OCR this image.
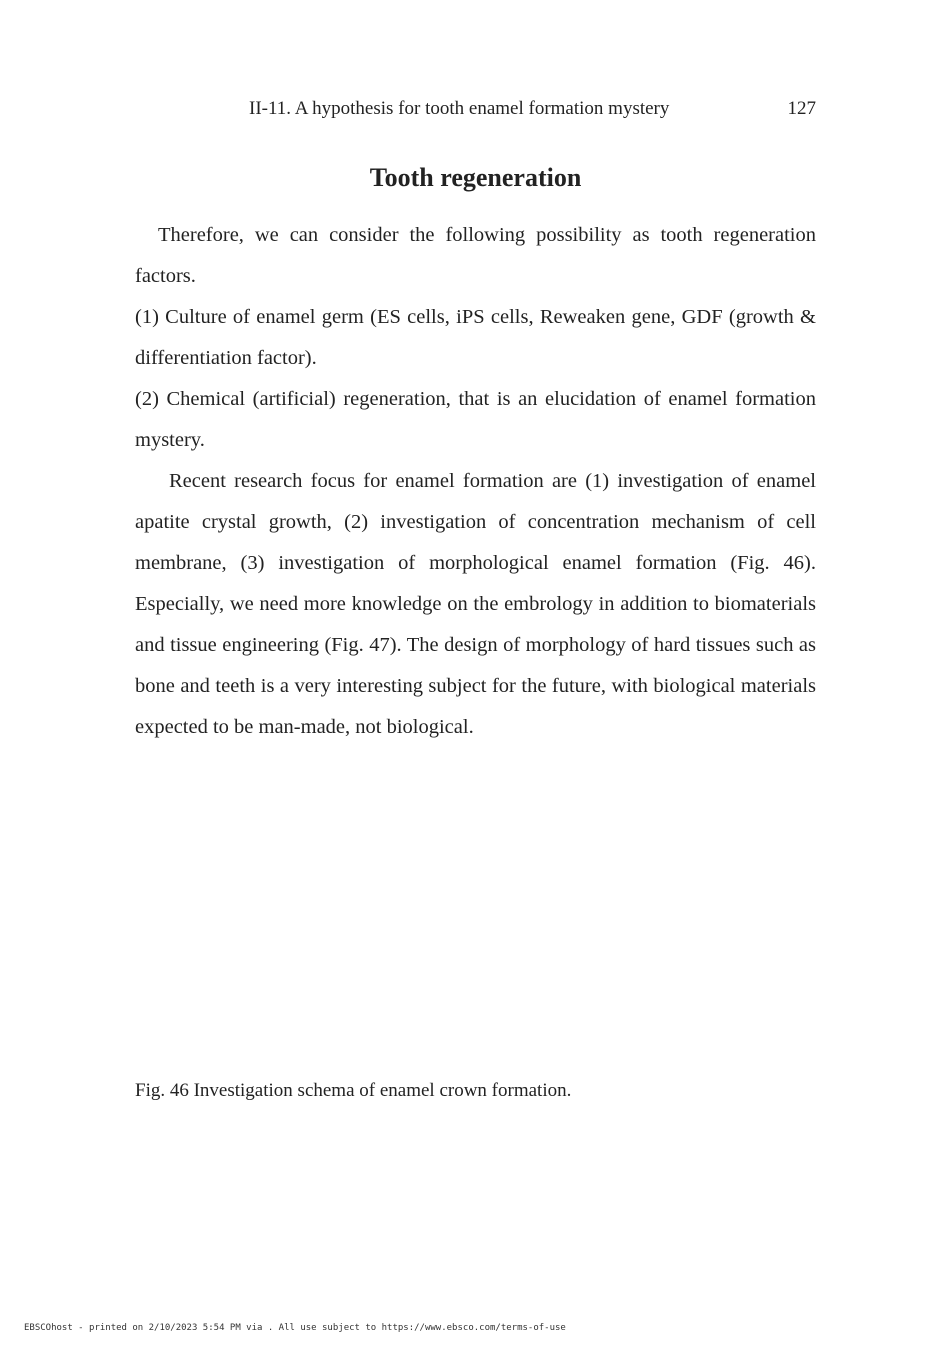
II-11. A hypothesis for tooth enamel formation mystery	127
Tooth regeneration

Therefore, we can consider the following possibility as tooth regeneration factors.

(1) Culture of enamel germ (ES cells, iPS cells, Reweaken gene, GDF (growth & differentiation factor).

(2) Chemical (artificial) regeneration, that is an elucidation of enamel formation mystery.

Recent research focus for enamel formation are (1) investigation of enamel apatite crystal growth, (2) investigation of concentration mechanism of cell membrane, (3) investigation of morphological enamel formation (Fig. 46). Especially, we need more knowledge on the embrology in addition to biomaterials and tissue engineering (Fig. 47). The design of morphology of hard tissues such as bone and teeth is a very interesting subject for the future, with biological materials expected to be man-made, not biological.

Fig. 46 Investigation schema of enamel crown formation.
EBSCOhost - printed on 2/10/2023 5:54 PM via . All use subject to https://www.ebsco.com/terms-of-use
